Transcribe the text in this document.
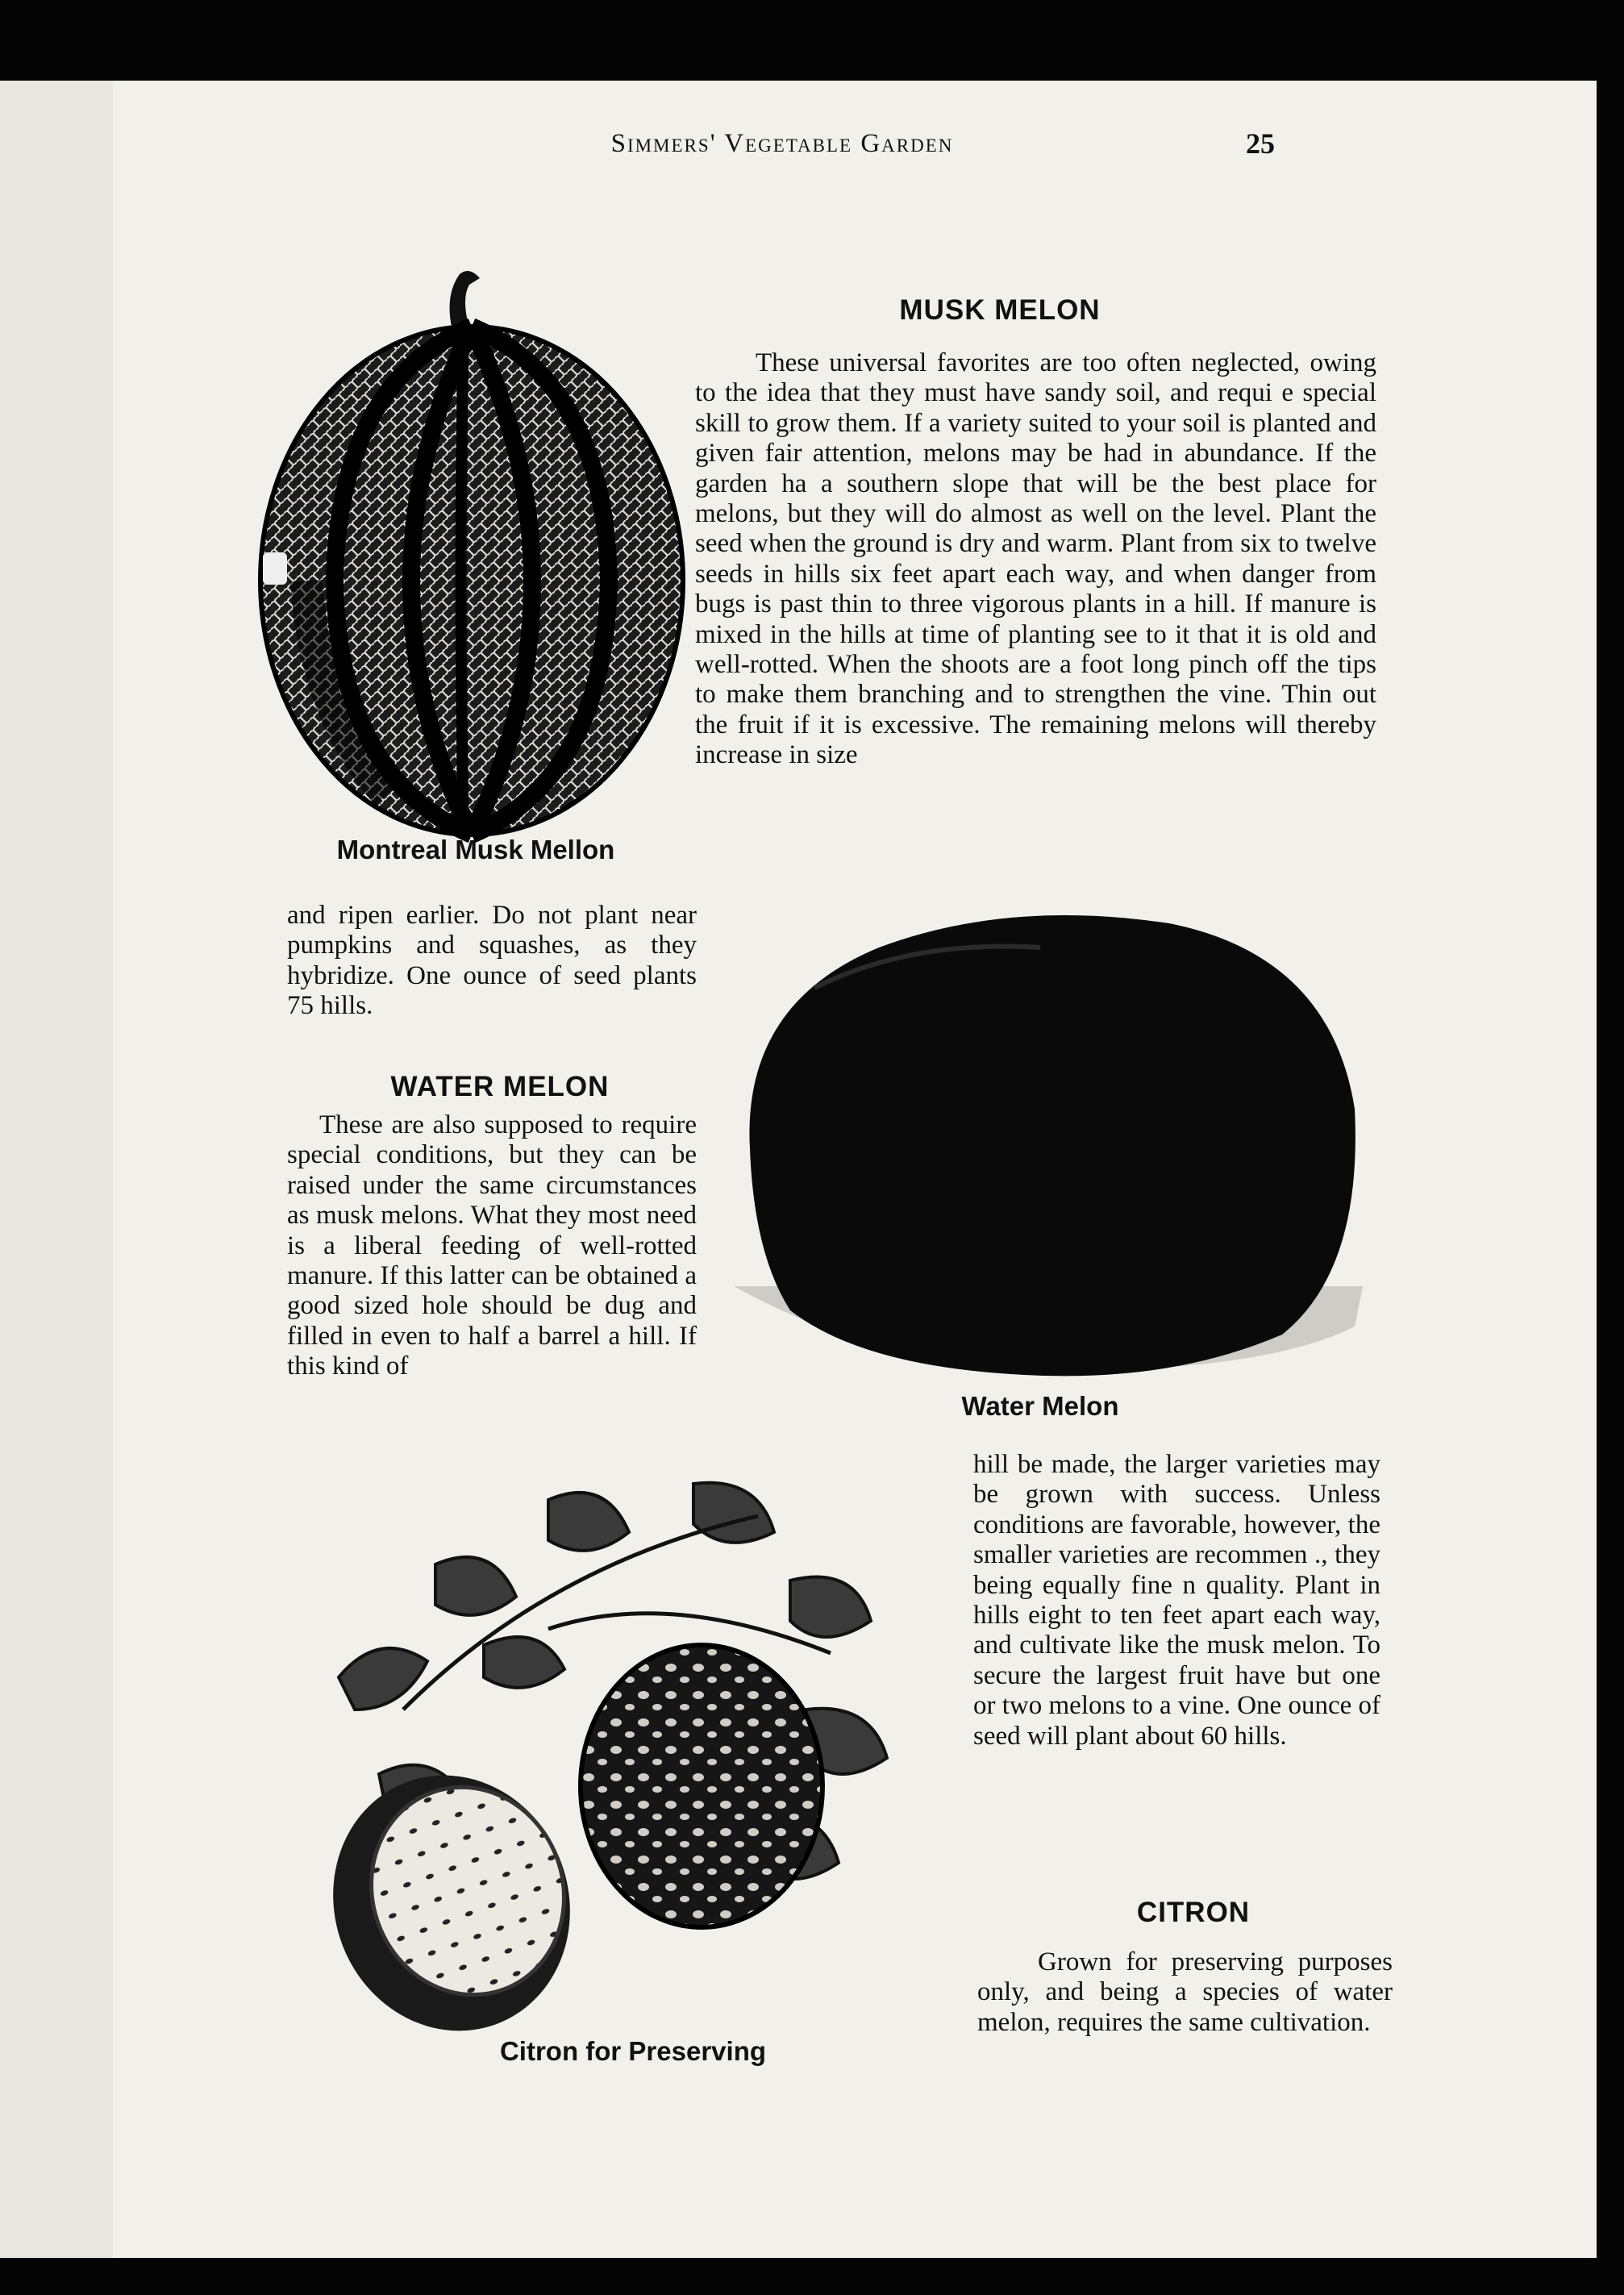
Simmers' Vegetable Garden	25
MUSK MELON

These universal favorites are too often neglected, owing to the idea that they must have sandy soil, and requi e special skill to grow them. If a variety suited to your soil is planted and given fair attention, melons may be had in abundance. If the garden ha a southern slope that will be the best place for melons, but they will do almost as well on the level. Plant the seed when the ground is dry and warm. Plant from six to twelve seeds in hills six feet apart each way, and when danger from bugs is past thin to three vigorous plants in a hill. If manure is mixed in the hills at time of planting see to it that it is old and well-rotted. When the shoots are a foot long pinch off the tips to make them branching and to strengthen the vine. Thin out the fruit if it is excessive. The remaining melons will thereby increase in size

Montreal Musk Mellon

and ripen earlier. Do not plant near pumpkins and squashes, as they hybridize. One ounce of seed plants 75 hills.

WATER MELON

These are also supposed to require special conditions, but they can be raised under the same circumstances as musk melons. What they most need is a liberal feeding of well-rotted manure. If this latter can be obtained a good sized hole should be dug and filled in even to half a barrel a hill. If this kind of

Water Melon

hill be made, the larger varieties may be grown with success. Unless conditions are favorable, however, the smaller varieties are recommen ., they being equally fine n quality. Plant in hills eight to ten feet apart each way, and cultivate like the musk melon. To secure the largest fruit have but one or two melons to a vine. One ounce of seed will plant about 60 hills.

Citron for Preserving
CITRON

Grown for preserving purposes only, and being a species of water melon, requires the same cultivation.
